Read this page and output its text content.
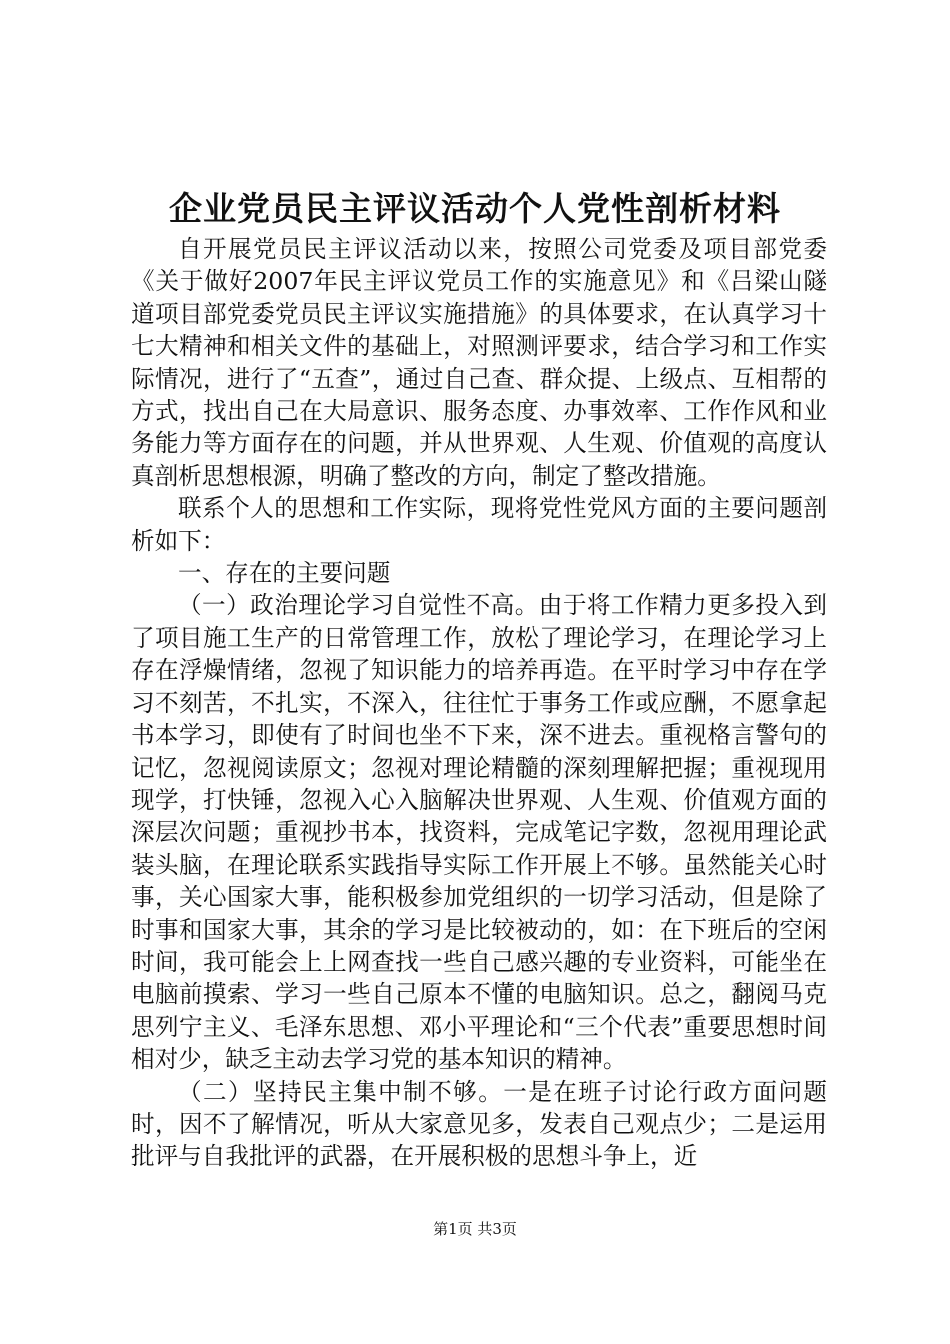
企业党员民主评议活动个人党性剖析材料

自开展党员民主评议活动以来，按照公司党委及项目部党委《关于做好2007年民主评议党员工作的实施意见》和《吕梁山隧道项目部党委党员民主评议实施措施》的具体要求，在认真学习十七大精神和相关文件的基础上，对照测评要求，结合学习和工作实际情况，进行了“五查”，通过自己查、群众提、上级点、互相帮的方式，找出自己在大局意识、服务态度、办事效率、工作作风和业务能力等方面存在的问题，并从世界观、人生观、价值观的高度认真剖析思想根源，明确了整改的方向，制定了整改措施。

联系个人的思想和工作实际，现将党性党风方面的主要问题剖析如下：

一、存在的主要问题

（一）政治理论学习自觉性不高。由于将工作精力更多投入到了项目施工生产的日常管理工作，放松了理论学习，在理论学习上存在浮燥情绪，忽视了知识能力的培养再造。在平时学习中存在学习不刻苦，不扎实，不深入，往往忙于事务工作或应酬，不愿拿起书本学习，即使有了时间也坐不下来，深不进去。重视格言警句的记忆，忽视阅读原文；忽视对理论精髓的深刻理解把握；重视现用现学，打快锤，忽视入心入脑解决世界观、人生观、价值观方面的深层次问题；重视抄书本，找资料，完成笔记字数，忽视用理论武装头脑，在理论联系实践指导实际工作开展上不够。虽然能关心时事，关心国家大事，能积极参加党组织的一切学习活动，但是除了时事和国家大事，其余的学习是比较被动的，如：在下班后的空闲时间，我可能会上上网查找一些自己感兴趣的专业资料，可能坐在电脑前摸索、学习一些自己原本不懂的电脑知识。总之，翻阅马克思列宁主义、毛泽东思想、邓小平理论和“三个代表”重要思想时间相对少，缺乏主动去学习党的基本知识的精神。

（二）坚持民主集中制不够。一是在班子讨论行政方面问题时，因不了解情况，听从大家意见多，发表自己观点少；二是运用批评与自我批评的武器，在开展积极的思想斗争上，近

第1页 共3页
